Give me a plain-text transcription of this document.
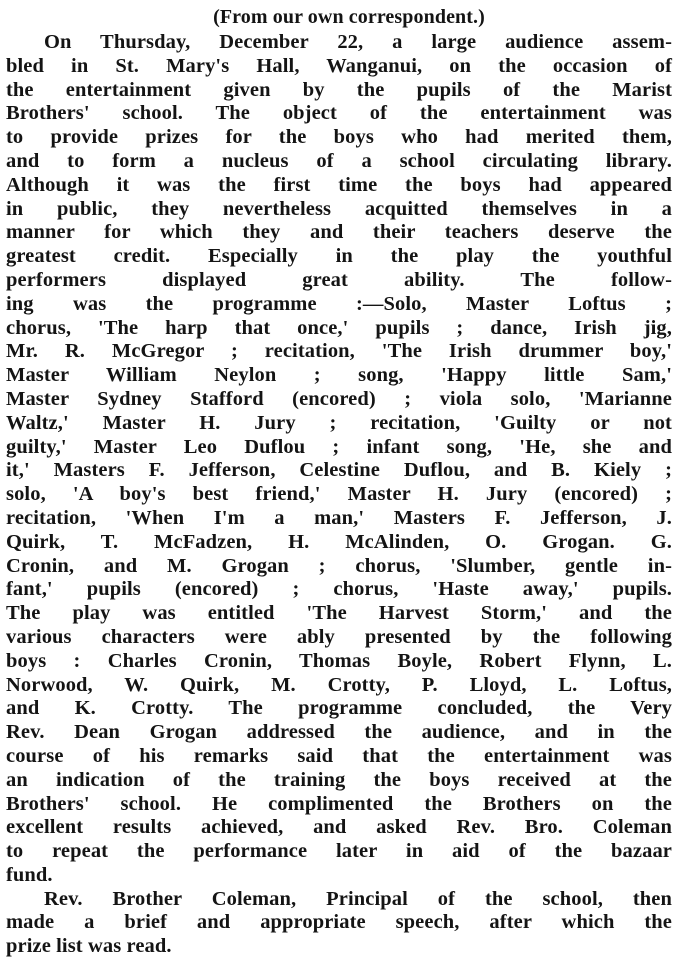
(From our own correspondent.)
On Thursday, December 22, a large audience assem-
bled in St. Mary's Hall, Wanganui, on the occasion of
the entertainment given by the pupils of the Marist
Brothers' school. The object of the entertainment was
to provide prizes for the boys who had merited them,
and to form a nucleus of a school circulating library.
Although it was the first time the boys had appeared
in public, they nevertheless acquitted themselves in a
manner for which they and their teachers deserve the
greatest credit. Especially in the play the youthful
performers displayed great ability. The follow-
ing was the programme :—Solo, Master Loftus ;
chorus, 'The harp that once,' pupils ; dance, Irish jig,
Mr. R. McGregor ; recitation, 'The Irish drummer boy,'
Master William Neylon ; song, 'Happy little Sam,'
Master Sydney Stafford (encored) ; viola solo, 'Marianne
Waltz,' Master H. Jury ; recitation, 'Guilty or not
guilty,' Master Leo Duflou ; infant song, 'He, she and
it,' Masters F. Jefferson, Celestine Duflou, and B. Kiely ;
solo, 'A boy's best friend,' Master H. Jury (encored) ;
recitation, 'When I'm a man,' Masters F. Jefferson, J.
Quirk, T. McFadzen, H. McAlinden, O. Grogan. G.
Cronin, and M. Grogan ; chorus, 'Slumber, gentle in-
fant,' pupils (encored) ; chorus, 'Haste away,' pupils.
The play was entitled 'The Harvest Storm,' and the
various characters were ably presented by the following
boys : Charles Cronin, Thomas Boyle, Robert Flynn, L.
Norwood, W. Quirk, M. Crotty, P. Lloyd, L. Loftus,
and K. Crotty. The programme concluded, the Very
Rev. Dean Grogan addressed the audience, and in the
course of his remarks said that the entertainment was
an indication of the training the boys received at the
Brothers' school. He complimented the Brothers on the
excellent results achieved, and asked Rev. Bro. Coleman
to repeat the performance later in aid of the bazaar
fund.
Rev. Brother Coleman, Principal of the school, then
made a brief and appropriate speech, after which the
prize list was read.
